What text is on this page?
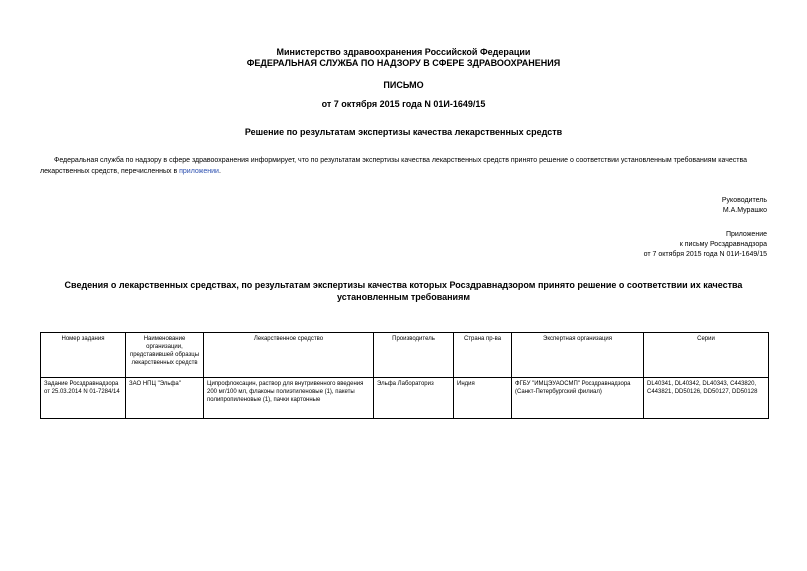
Министерство здравоохранения Российской Федерации
ФЕДЕРАЛЬНАЯ СЛУЖБА ПО НАДЗОРУ В СФЕРЕ ЗДРАВООХРАНЕНИЯ
ПИСЬМО
от 7 октября 2015 года N 01И-1649/15
Решение по результатам экспертизы качества лекарственных средств
Федеральная служба по надзору в сфере здравоохранения информирует, что по результатам экспертизы качества лекарственных средств принято решение о соответствии установленным требованиям качества лекарственных средств, перечисленных в приложении.
Руководитель
М.А.Мурашко
Приложение
к письму Росздравнадзора
от 7 октября 2015 года N 01И-1649/15
Сведения о лекарственных средствах, по результатам экспертизы качества которых Росздравнадзором принято решение о соответствии их качества установленным требованиям
Номер задания	Наименование организации, представившей образцы лекарственных средств	Лекарственное средство	Производитель	Страна пр-ва	Экспертная организация	Серии
Задание Росздравнадзора от 25.03.2014 N 01-7284/14	ЗАО НПЦ "Эльфа"	Ципрофлоксацин, раствор для внутривенного введения 200 мг/100 мл, флаконы полиэтиленовые (1), пакеты полипропиленовые (1), пачки картонные	Эльфа Лабораториз	Индия	ФГБУ "ИМЦЭУАОСМП" Росздравнадзора (Санкт-Петербургский филиал)	DL40341, DL40342, DL40343, C443820, C443821, DD50126, DD50127, DD50128
